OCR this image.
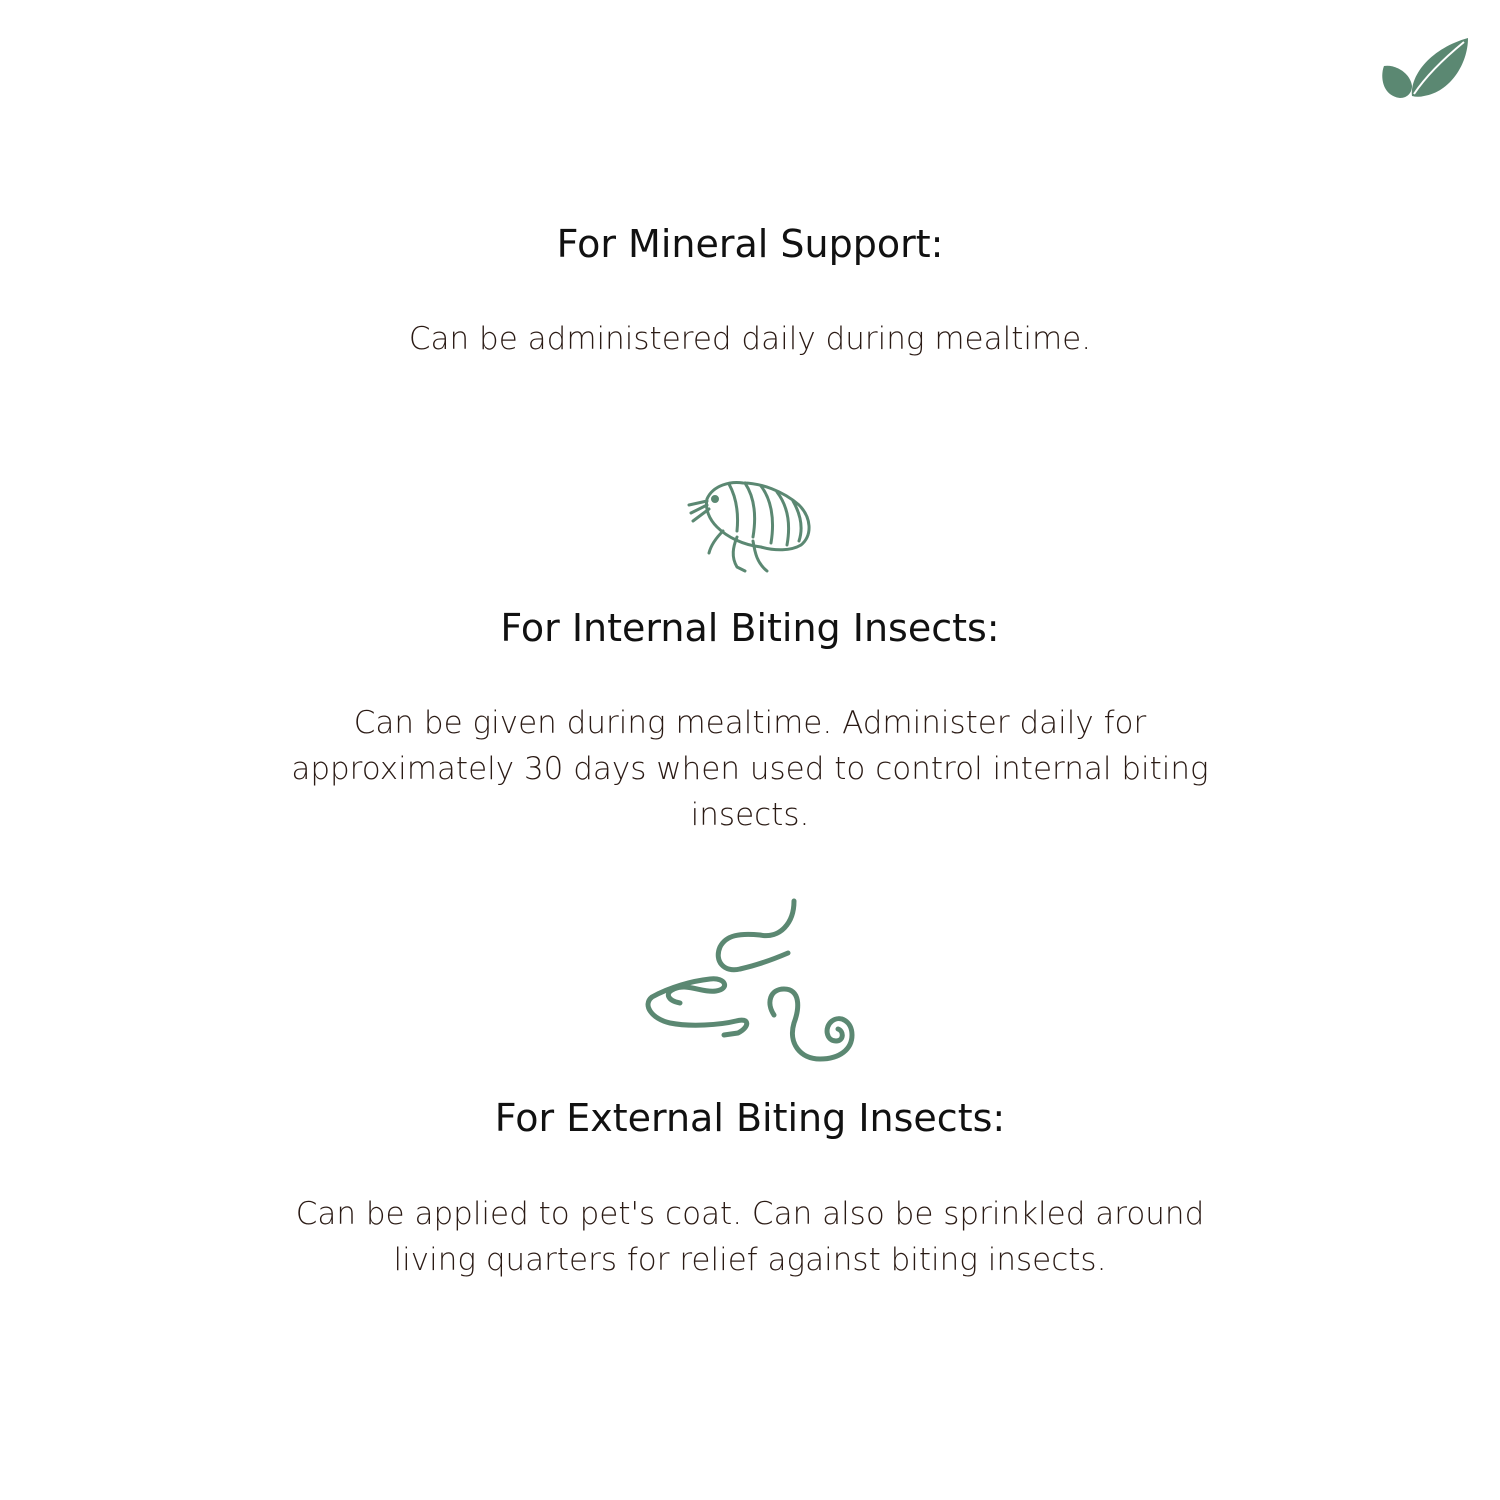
For Mineral Support:

Can be administered daily during mealtime.

For Internal Biting Insects:

Can be given during mealtime. Administer daily for approximately 30 days when used to control internal biting insects.

For External Biting Insects:

Can be applied to pet's coat. Can also be sprinkled around living quarters for relief against biting insects.
